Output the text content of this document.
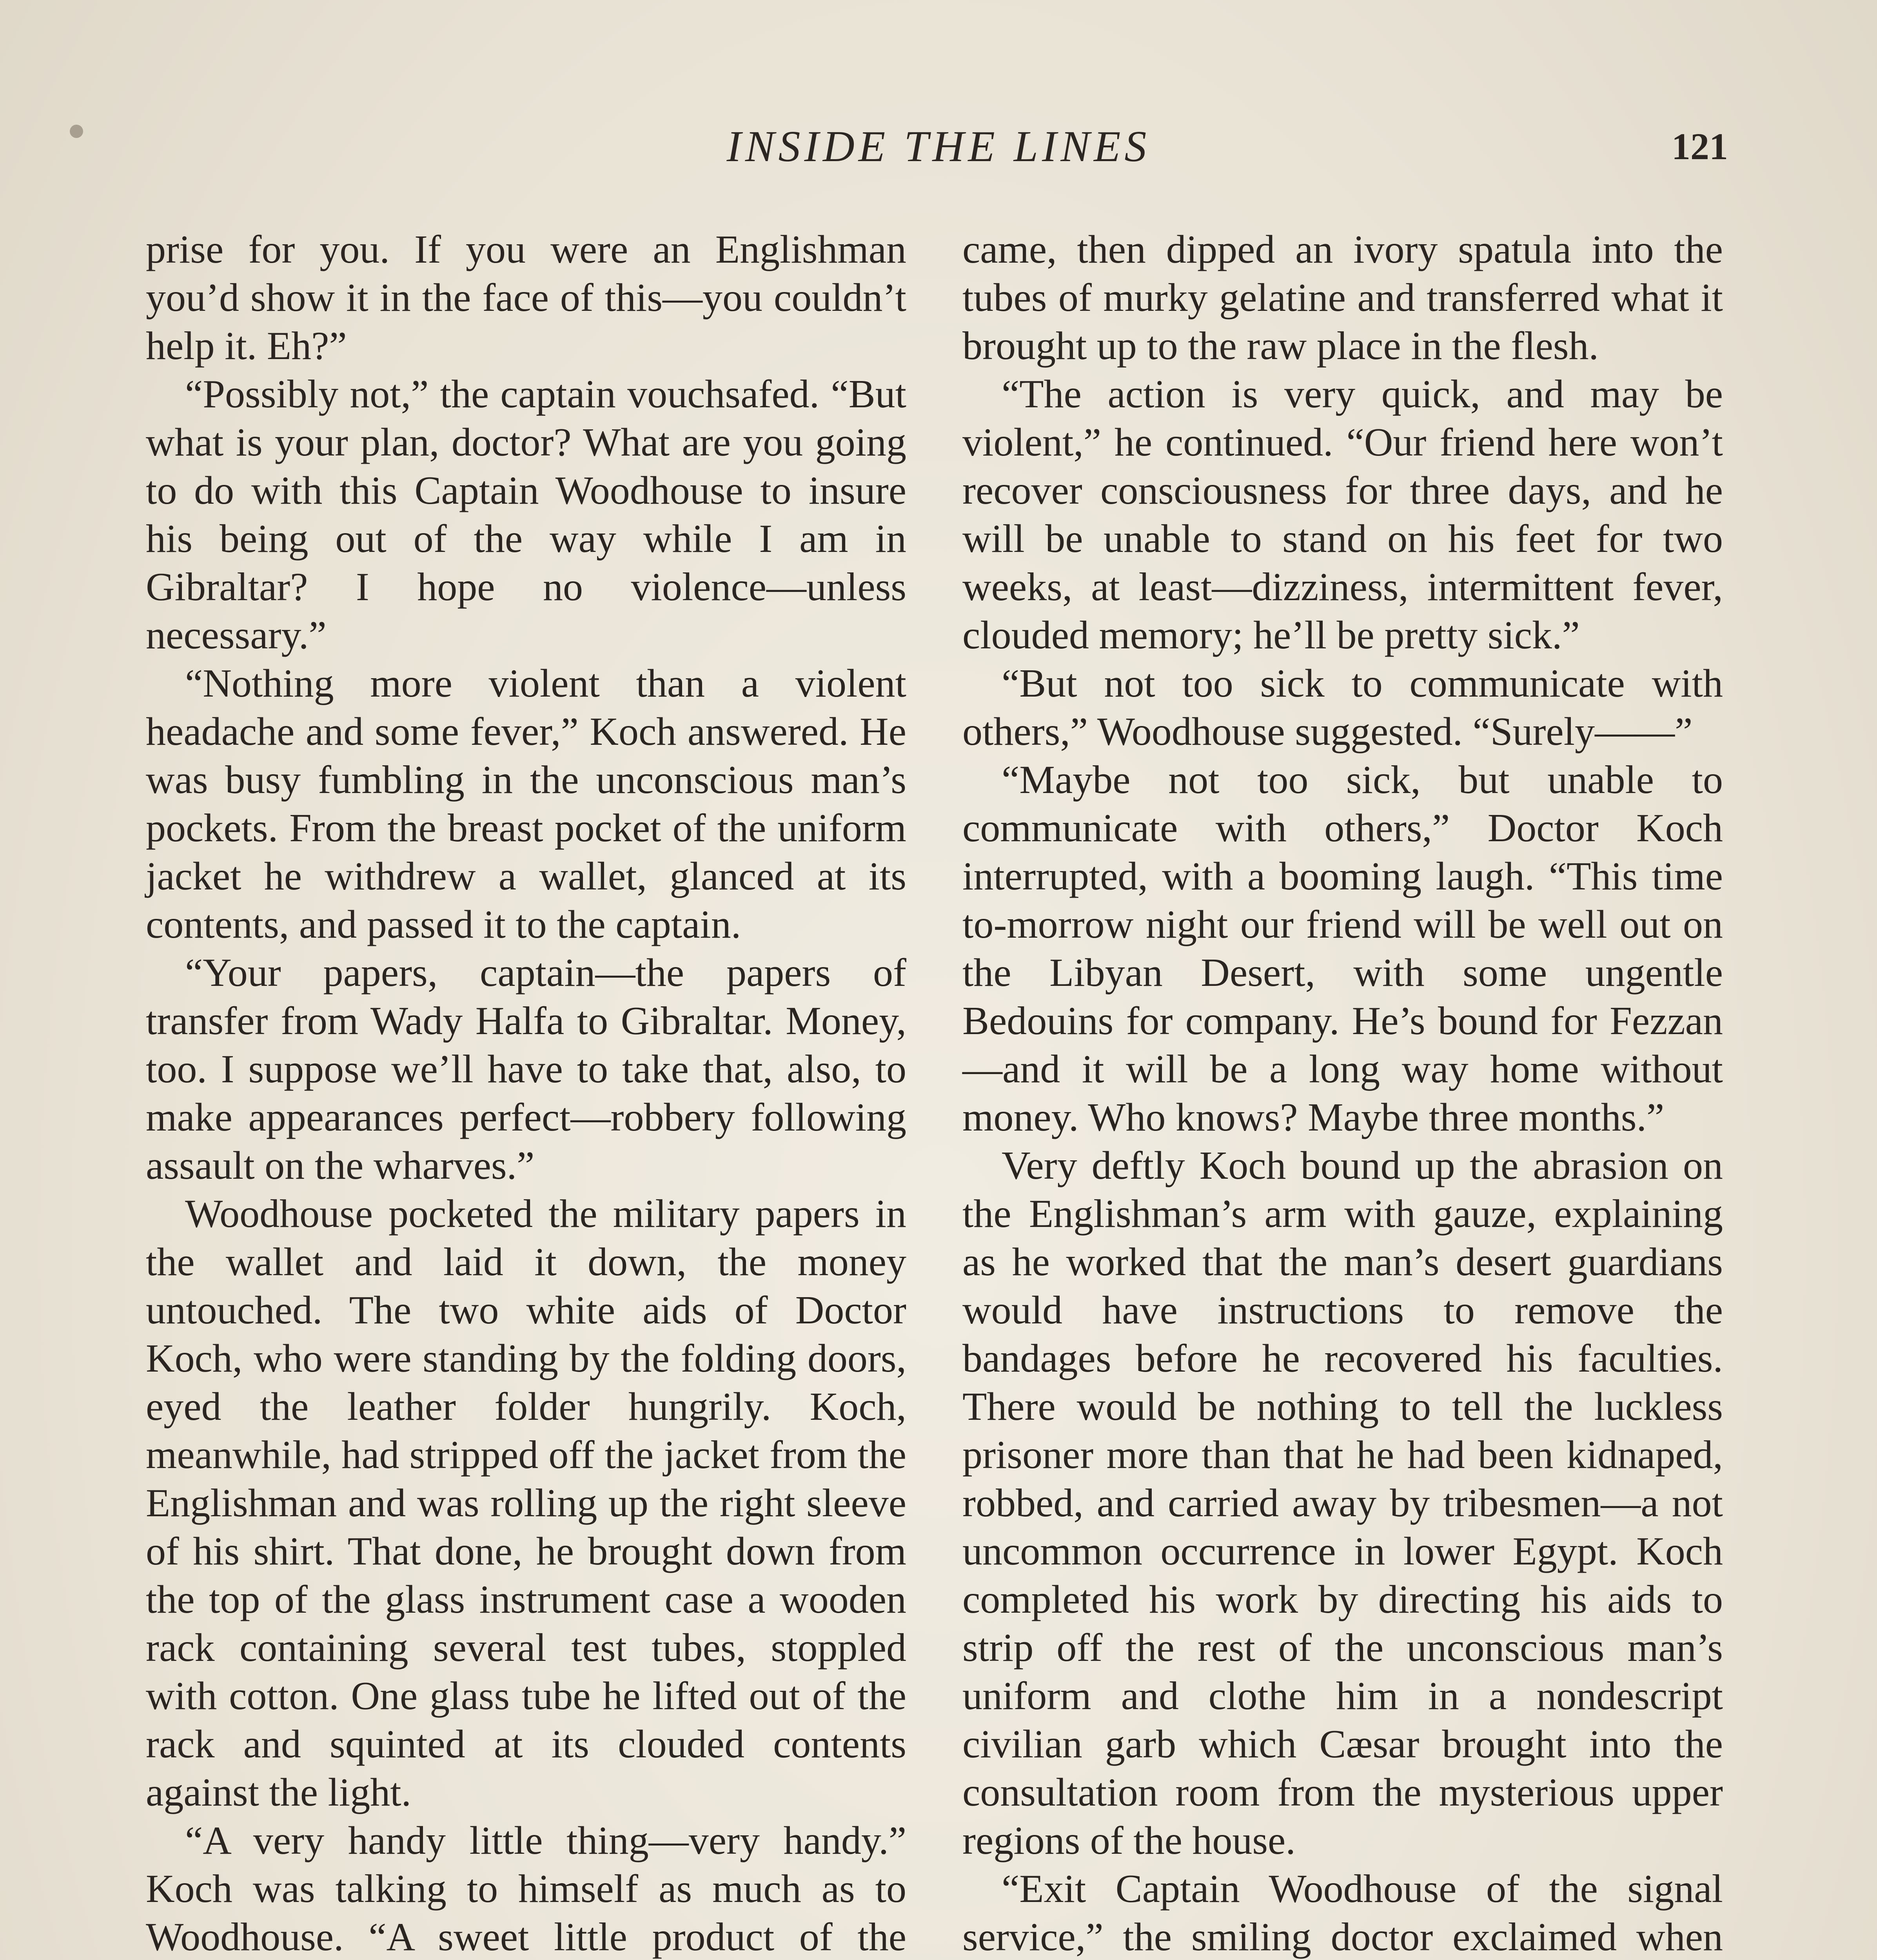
INSIDE THE LINES	121

prise for you. If you were an Englishman you’d show it in the face of this—you couldn’t help it. Eh?”

“Possibly not,” the captain vouchsafed. “But what is your plan, doctor? What are you going to do with this Captain Woodhouse to insure his being out of the way while I am in Gibraltar? I hope no violence—unless necessary.”

“Nothing more violent than a violent headache and some fever,” Koch answered. He was busy fumbling in the unconscious man’s pockets. From the breast pocket of the uniform jacket he withdrew a wallet, glanced at its contents, and passed it to the captain.

“Your papers, captain—the papers of transfer from Wady Halfa to Gibraltar. Money, too. I suppose we’ll have to take that, also, to make appearances perfect—robbery following assault on the wharves.”

Woodhouse pocketed the military papers in the wallet and laid it down, the money untouched. The two white aids of Doctor Koch, who were standing by the folding doors, eyed the leather folder hungrily. Koch, meanwhile, had stripped off the jacket from the Englishman and was rolling up the right sleeve of his shirt. That done, he brought down from the top of the glass instrument case a wooden rack containing several test tubes, stoppled with cotton. One glass tube he lifted out of the rack and squinted at its clouded contents against the light.

“A very handy little thing—very handy.” Koch was talking to himself as much as to Woodhouse. “A sweet little product of the

came, then dipped an ivory spatula into the tubes of murky gelatine and transferred what it brought up to the raw place in the flesh.

“The action is very quick, and may be violent,” he continued. “Our friend here won’t recover consciousness for three days, and he will be unable to stand on his feet for two weeks, at least—dizziness, intermittent fever, clouded memory; he’ll be pretty sick.”

“But not too sick to communicate with others,” Woodhouse suggested. “Surely——”

“Maybe not too sick, but unable to communicate with others,” Doctor Koch interrupted, with a booming laugh. “This time to-morrow night our friend will be well out on the Libyan Desert, with some ungentle Bedouins for company. He’s bound for Fezzan—and it will be a long way home without money. Who knows? Maybe three months.”

Very deftly Koch bound up the abrasion on the Englishman’s arm with gauze, explaining as he worked that the man’s desert guardians would have instructions to remove the bandages before he recovered his faculties. There would be nothing to tell the luckless prisoner more than that he had been kidnaped, robbed, and carried away by tribesmen—a not uncommon occurrence in lower Egypt. Koch completed his work by directing his aids to strip off the rest of the unconscious man’s uniform and clothe him in a nondescript civilian garb which Cæsar brought into the consultation room from the mysterious upper regions of the house.

“Exit Captain Woodhouse of the signal service,” the smiling doctor exclaimed when
